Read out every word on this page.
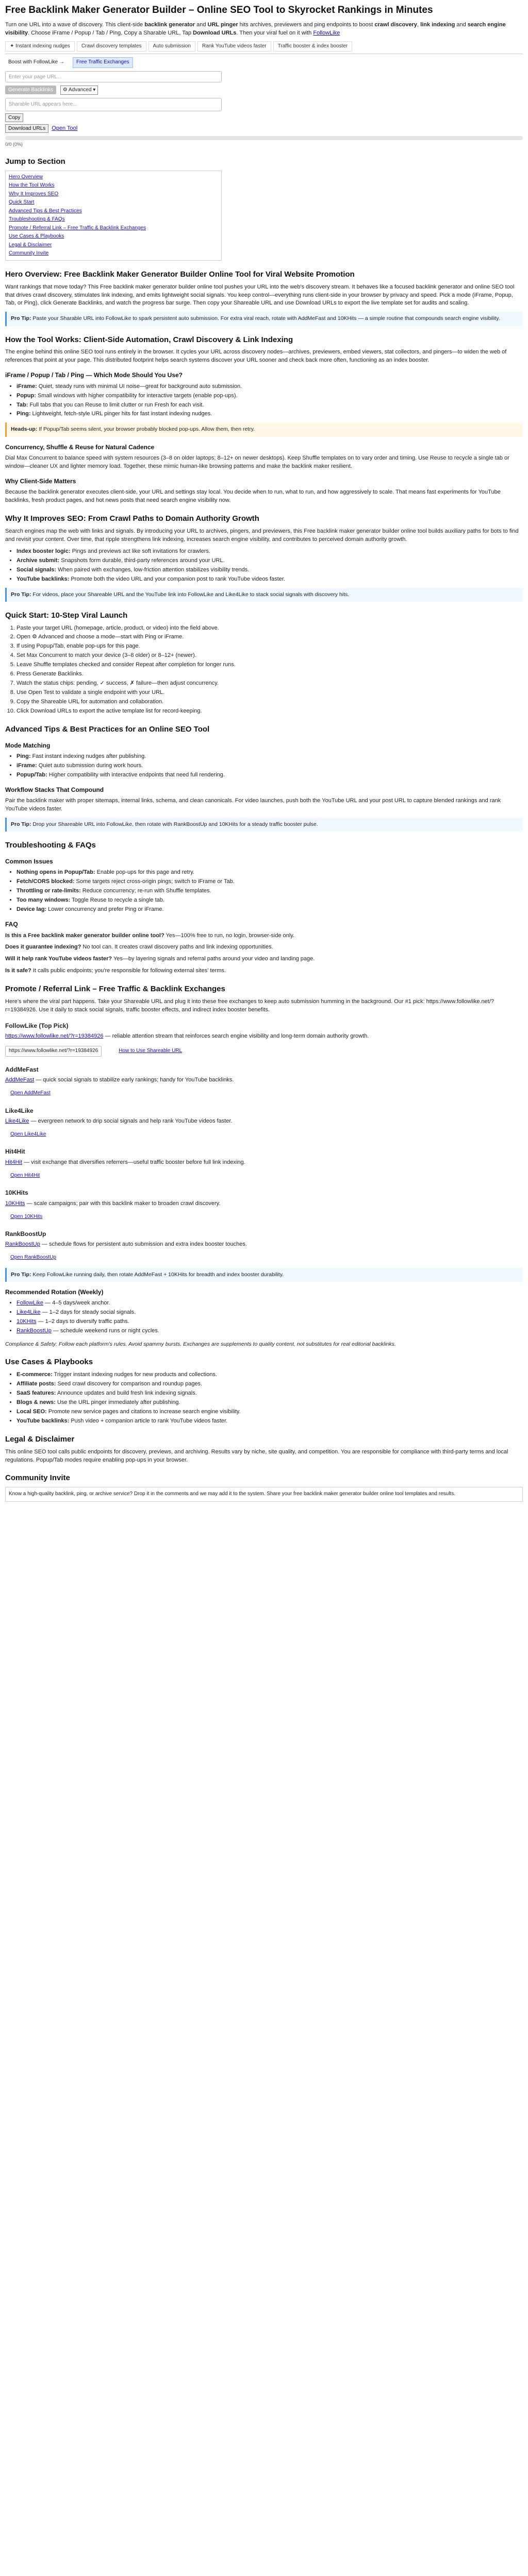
Free Backlink Maker Generator Builder – Online SEO Tool to Skyrocket Rankings in Minutes

Turn one URL into a wave of discovery. This client-side backlink generator and URL pinger hits archives, previewers and ping endpoints to boost crawl discovery, link indexing and search engine visibility. Choose iFrame / Popup / Tab / Ping, Copy a Sharable URL, Tap Download URLs. Then your viral fuel on it with FollowLike

✦ Instant indexing nudges	Crawl discovery templates	Auto submission	Rank YouTube videos faster	Traffic booster & index booster
Boost with FollowLike →	Free Traffic Exchanges
Enter your page URL...
Generate Backlinks	⚙ Advanced ▾
Sharable URL appears here...
Copy
Download URLs	Open Tool
0/0 (0%)
Jump to Section
Hero Overview
How the Tool Works
Why It Improves SEO
Quick Start
Advanced Tips & Best Practices
Troubleshooting & FAQs
Promote / Referral Link – Free Traffic & Backlink Exchanges
Use Cases & Playbooks
Legal & Disclaimer
Community Invite
Hero Overview: Free Backlink Maker Generator Builder Online Tool for Viral Website Promotion

Want rankings that move today? This Free backlink maker generator builder online tool pushes your URL into the web's discovery stream. It behaves like a focused backlink generator and online SEO tool that drives crawl discovery, stimulates link indexing, and emits lightweight social signals. You keep control—everything runs client-side in your browser by privacy and speed. Pick a mode (iFrame, Popup, Tab, or Ping), click Generate Backlinks, and watch the progress bar surge. Then copy your Shareable URL and use Download URLs to export the live template set for audits and scaling.

Pro Tip: Paste your Sharable URL into FollowLike to spark persistent auto submission. For extra viral reach, rotate with AddMeFast and 10KHits — a simple routine that compounds search engine visibility.
How the Tool Works: Client-Side Automation, Crawl Discovery & Link Indexing

The engine behind this online SEO tool runs entirely in the browser. It cycles your URL across discovery nodes—archives, previewers, embed viewers, stat collectors, and pingers—to widen the web of references that point at your page. This distributed footprint helps search systems discover your URL sooner and check back more often, functioning as an index booster.

iFrame / Popup / Tab / Ping — Which Mode Should You Use?
• iFrame: Quiet, steady runs with minimal UI noise—great for background auto submission.
• Popup: Small windows with higher compatibility for interactive targets (enable pop-ups).
• Tab: Full tabs that you can Reuse to limit clutter or run Fresh for each visit.
• Ping: Lightweight, fetch-style URL pinger hits for fast instant indexing nudges.
Heads-up: If Popup/Tab seems silent, your browser probably blocked pop-ups. Allow them, then retry.
Concurrency, Shuffle & Reuse for Natural Cadence

Dial Max Concurrent to balance speed with system resources (3–8 on older laptops; 8–12+ on newer desktops). Keep Shuffle templates on to vary order and timing. Use Reuse to recycle a single tab or window—cleaner UX and lighter memory load. Together, these mimic human-like browsing patterns and make the backlink maker resilient.

Why Client-Side Matters

Because the backlink generator executes client-side, your URL and settings stay local. You decide when to run, what to run, and how aggressively to scale. That means fast experiments for YouTube backlinks, fresh product pages, and hot news posts that need search engine visibility now.

Why It Improves SEO: From Crawl Paths to Domain Authority Growth

Search engines map the web with links and signals. By introducing your URL to archives, pingers, and previewers, this Free backlink maker generator builder online tool builds auxiliary paths for bots to find and revisit your content. Over time, that ripple strengthens link indexing, increases search engine visibility, and contributes to perceived domain authority growth.

• Index booster logic: Pings and previews act like soft invitations for crawlers.
• Archive submit: Snapshots form durable, third-party references around your URL.
• Social signals: When paired with exchanges, low-friction attention stabilizes visibility trends.
• YouTube backlinks: Promote both the video URL and your companion post to rank YouTube videos faster.
Pro Tip: For videos, place your Shareable URL and the YouTube link into FollowLike and Like4Like to stack social signals with discovery hits.
Quick Start: 10-Step Viral Launch
1. Paste your target URL (homepage, article, product, or video) into the field above.
2. Open ⚙ Advanced and choose a mode—start with Ping or iFrame.
3. If using Popup/Tab, enable pop-ups for this page.
4. Set Max Concurrent to match your device (3–8 older) or 8–12+ (newer).
5. Leave Shuffle templates checked and consider Repeat after completion for longer runs.
6. Press Generate Backlinks.
7. Watch the status chips: pending, ✓ success, ✗ failure—then adjust concurrency.
8. Use Open Test to validate a single endpoint with your URL.
9. Copy the Shareable URL for automation and collaboration.
10. Click Download URLs to export the active template list for record-keeping.
Advanced Tips & Best Practices for an Online SEO Tool
Mode Matching
• Ping: Fast instant indexing nudges after publishing.
• iFrame: Quiet auto submission during work hours.
• Popup/Tab: Higher compatibility with interactive endpoints that need full rendering.
Workflow Stacks That Compound

Pair the backlink maker with proper sitemaps, internal links, schema, and clean canonicals. For video launches, push both the YouTube URL and your post URL to capture blended rankings and rank YouTube videos faster.

Pro Tip: Drop your Shareable URL into FollowLike, then rotate with RankBoostUp and 10KHits for a steady traffic booster pulse.
Troubleshooting & FAQs
Common Issues
• Nothing opens in Popup/Tab: Enable pop-ups for this page and retry.
• Fetch/CORS blocked: Some targets reject cross-origin pings; switch to iFrame or Tab.
• Throttling or rate-limits: Reduce concurrency; re-run with Shuffle templates.
• Too many windows: Toggle Reuse to recycle a single tab.
• Device lag: Lower concurrency and prefer Ping or iFrame.
FAQ

Is this a Free backlink maker generator builder online tool? Yes—100% free to run, no login, browser-side only.

Does it guarantee indexing? No tool can. It creates crawl discovery paths and link indexing opportunities.

Will it help rank YouTube videos faster? Yes—by layering signals and referral paths around your video and landing page.

Is it safe? It calls public endpoints; you're responsible for following external sites' terms.

Promote / Referral Link – Free Traffic & Backlink Exchanges

Here's where the viral part happens. Take your Shareable URL and plug it into these free exchanges to keep auto submission humming in the background. Our #1 pick: https://www.followlike.net/?r=19384926. Use it daily to stack social signals, traffic booster effects, and indirect index booster benefits.

FollowLike (Top Pick)

https://www.followlike.net/?r=19384926 — reliable attention stream that reinforces search engine visibility and long-term domain authority growth.

https://www.followlike.net/?r=19384926	How to Use Shareable URL
AddMeFast

AddMeFast — quick social signals to stabilize early rankings; handy for YouTube backlinks.

Open AddMeFast
Like4Like

Like4Like — evergreen network to drip social signals and help rank YouTube videos faster.

Open Like4Like
Hit4Hit

Hit4Hit — visit exchange that diversifies referrers—useful traffic booster before full link indexing.

Open Hit4Hit
10KHits

10KHits — scale campaigns; pair with this backlink maker to broaden crawl discovery.

Open 10KHits
RankBoostUp

RankBoostUp — schedule flows for persistent auto submission and extra index booster touches.

Open RankBoostUp
Pro Tip: Keep FollowLike running daily, then rotate AddMeFast + 10KHits for breadth and index booster durability.
Recommended Rotation (Weekly)
• FollowLike — 4–5 days/week anchor.
• Like4Like — 1–2 days for steady social signals.
• 10KHits — 1–2 days to diversify traffic paths.
• RankBoostUp — schedule weekend runs or night cycles.

Compliance & Safety: Follow each platform's rules. Avoid spammy bursts. Exchanges are supplements to quality content, not substitutes for real editorial backlinks.

Use Cases & Playbooks
• E-commerce: Trigger instant indexing nudges for new products and collections.
• Affiliate posts: Seed crawl discovery for comparison and roundup pages.
• SaaS features: Announce updates and build fresh link indexing signals.
• Blogs & news: Use the URL pinger immediately after publishing.
• Local SEO: Promote new service pages and citations to increase search engine visibility.
• YouTube backlinks: Push video + companion article to rank YouTube videos faster.
Legal & Disclaimer

This online SEO tool calls public endpoints for discovery, previews, and archiving. Results vary by niche, site quality, and competition. You are responsible for compliance with third-party terms and local regulations. Popup/Tab modes require enabling pop-ups in your browser.

Community Invite
Know a high-quality backlink, ping, or archive service? Drop it in the comments and we may add it to the system. Share your free backlink maker generator builder online tool templates and results.
